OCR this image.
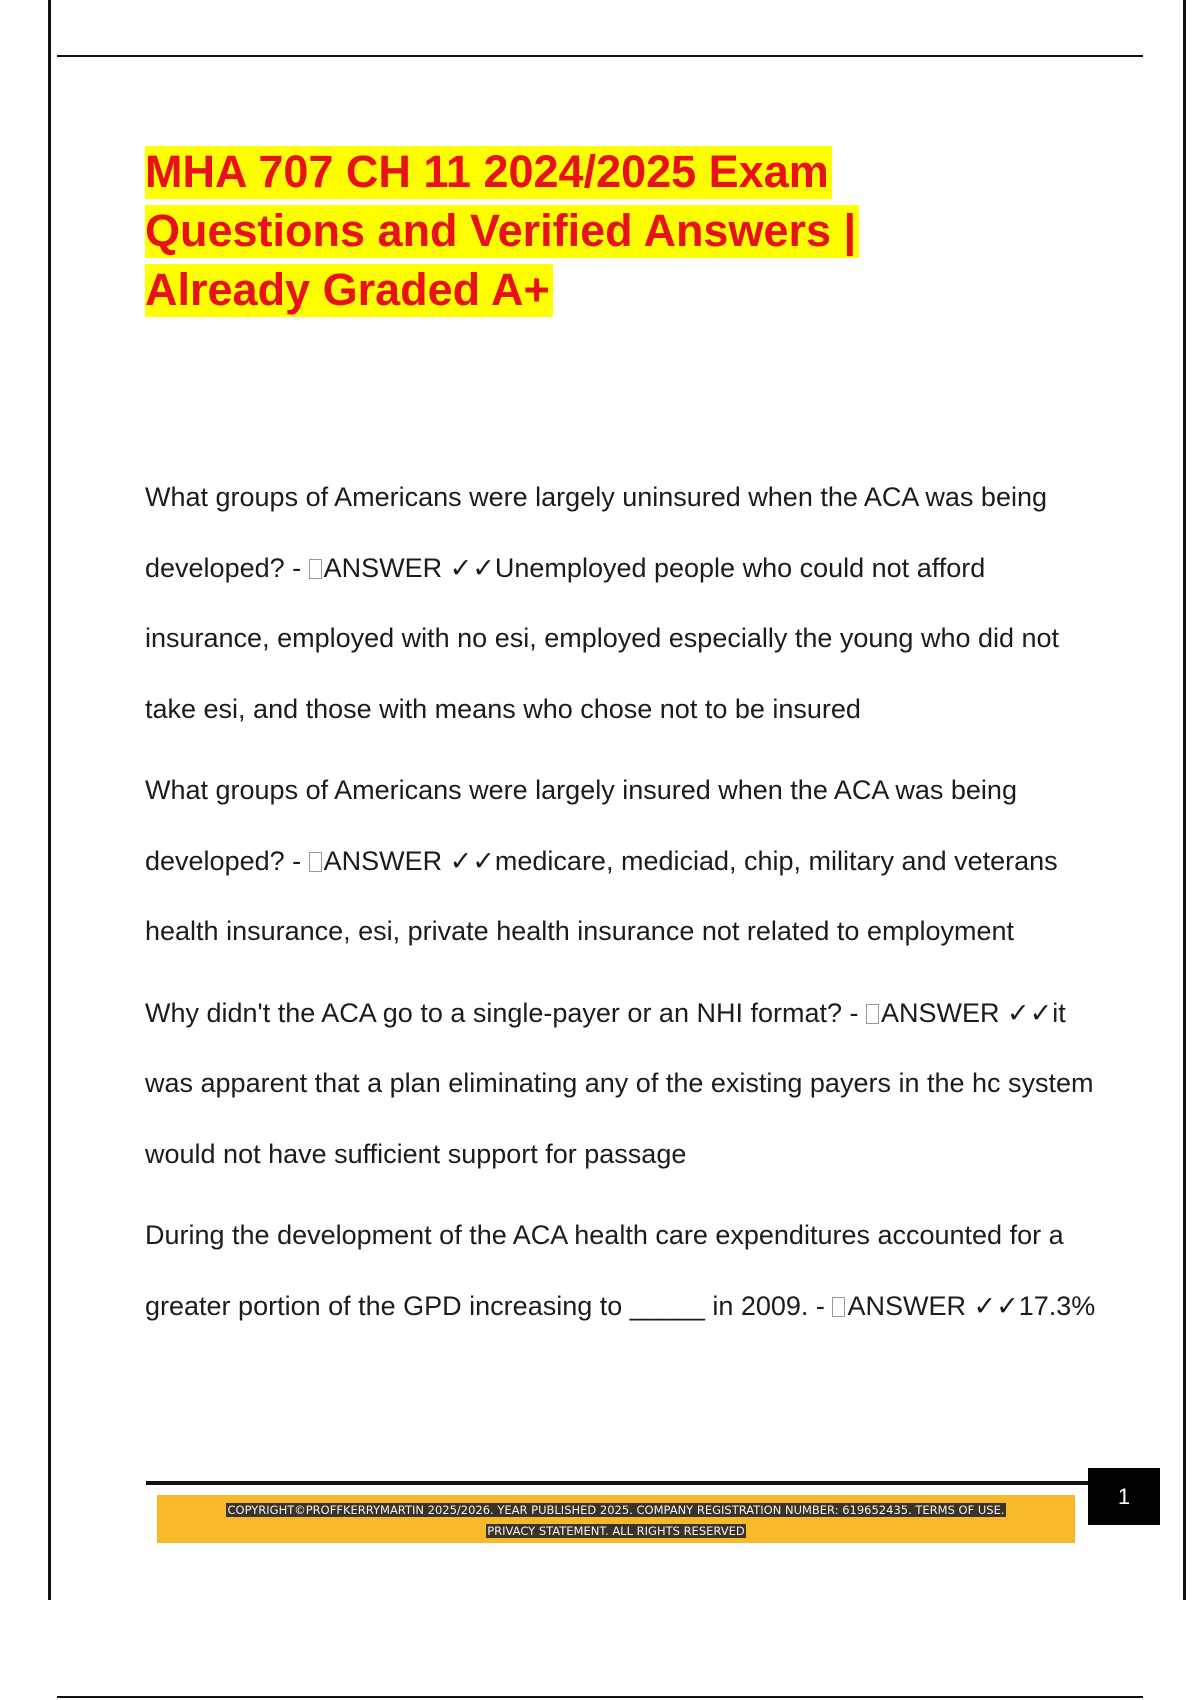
MHA 707 CH 11 2024/2025 Exam
Questions and Verified Answers |
Already Graded A+

What groups of Americans were largely uninsured when the ACA was being developed? - ANSWER ✓✓Unemployed people who could not afford insurance, employed with no esi, employed especially the young who did not take esi, and those with means who chose not to be insured

What groups of Americans were largely insured when the ACA was being developed? - ANSWER ✓✓medicare, mediciad, chip, military and veterans health insurance, esi, private health insurance not related to employment

Why didn't the ACA go to a single-payer or an NHI format? - ANSWER ✓✓it was apparent that a plan eliminating any of the existing payers in the hc system would not have sufficient support for passage

During the development of the ACA health care expenditures accounted for a greater portion of the GPD increasing to _____ in 2009. - ANSWER ✓✓17.3%

1
COPYRIGHT©PROFFKERRYMARTIN 2025/2026. YEAR PUBLISHED 2025. COMPANY REGISTRATION NUMBER: 619652435. TERMS OF USE.
PRIVACY STATEMENT. ALL RIGHTS RESERVED
